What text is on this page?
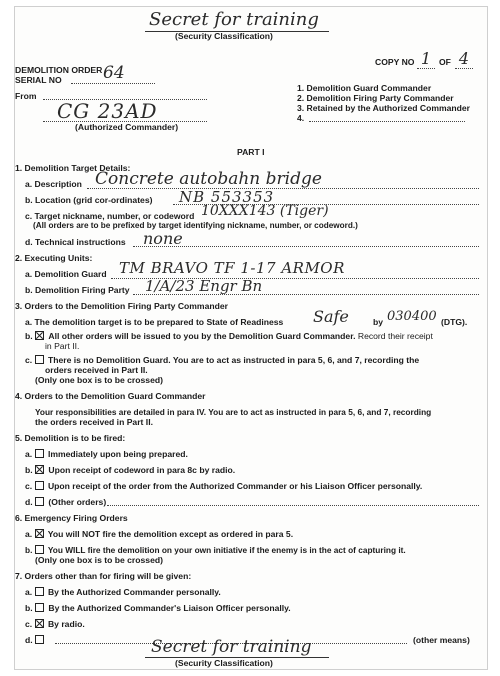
Secret for training
(Security Classification)
COPY NO 1 OF 4
DEMOLITION ORDER
SERIAL NO 64
From
CG 23AD
(Authorized Commander)
1. Demolition Guard Commander
2. Demolition Firing Party Commander
3. Retained by the Authorized Commander
4.
PART I
1. Demolition Target Details:
a. Description Concrete autobahn bridge
b. Location (grid cor-ordinates) NB 553353
c. Target nickname, number, or codeword 10XXX143 (Tiger)
(All orders are to be prefixed by target identifying nickname, number, or codeword.)
d. Technical instructions none
2. Executing Units:
a. Demolition Guard TM BRAVO TF 1-17 ARMOR
b. Demolition Firing Party 1/A/23 Engr Bn
3. Orders to the Demolition Firing Party Commander
a. The demolition target is to be prepared to State of Readiness Safe	by 030400 (DTG).
b. All other orders will be issued to you by the Demolition Guard Commander. Record their receipt
in Part II.
c. There is no Demolition Guard. You are to act as instructed in para 5, 6, and 7, recording the
orders received in Part II.
(Only one box is to be crossed)
4. Orders to the Demolition Guard Commander
Your responsibilities are detailed in para IV. You are to act as instructed in para 5, 6, and 7, recording
the orders received in Part II.
5. Demolition is to be fired:
a. Immediately upon being prepared.
b. Upon receipt of codeword in para 8c by radio.
c. Upon receipt of the order from the Authorized Commander or his Liaison Officer personally.
d. (Other orders)
6. Emergency Firing Orders
a. You will NOT fire the demolition except as ordered in para 5.
b. You WILL fire the demolition on your own initiative if the enemy is in the act of capturing it.
(Only one box is to be crossed)
7. Orders other than for firing will be given:
a. By the Authorized Commander personally.
b. By the Authorized Commander's Liaison Officer personally.
c. By radio.
d.	(other means)
Secret for training
(Security Classification)
